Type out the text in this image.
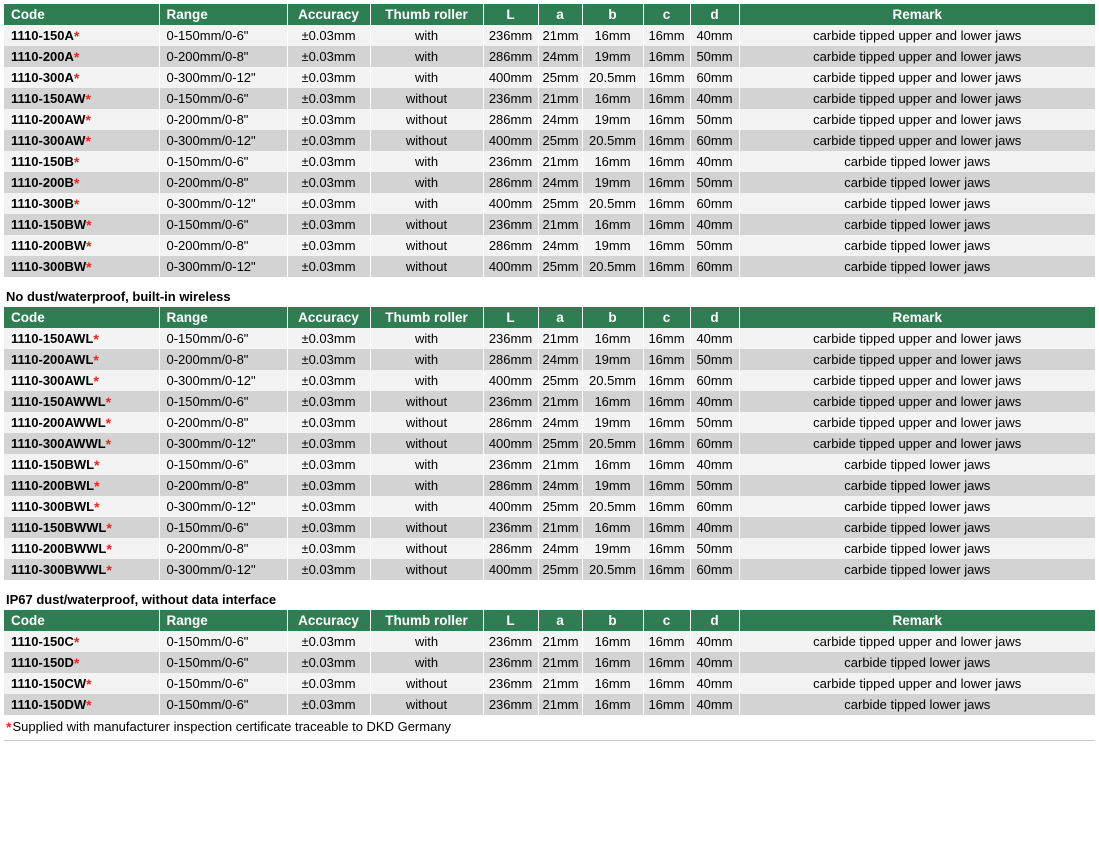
Code	Range	Accuracy	Thumb roller	L	a	b	c	d	Remark
1110-150A*	0-150mm/0-6"	±0.03mm	with	236mm	21mm	16mm	16mm	40mm	carbide tipped upper and lower jaws
1110-200A*	0-200mm/0-8"	±0.03mm	with	286mm	24mm	19mm	16mm	50mm	carbide tipped upper and lower jaws
1110-300A*	0-300mm/0-12"	±0.03mm	with	400mm	25mm	20.5mm	16mm	60mm	carbide tipped upper and lower jaws
1110-150AW*	0-150mm/0-6"	±0.03mm	without	236mm	21mm	16mm	16mm	40mm	carbide tipped upper and lower jaws
1110-200AW*	0-200mm/0-8"	±0.03mm	without	286mm	24mm	19mm	16mm	50mm	carbide tipped upper and lower jaws
1110-300AW*	0-300mm/0-12"	±0.03mm	without	400mm	25mm	20.5mm	16mm	60mm	carbide tipped upper and lower jaws
1110-150B*	0-150mm/0-6"	±0.03mm	with	236mm	21mm	16mm	16mm	40mm	carbide tipped lower jaws
1110-200B*	0-200mm/0-8"	±0.03mm	with	286mm	24mm	19mm	16mm	50mm	carbide tipped lower jaws
1110-300B*	0-300mm/0-12"	±0.03mm	with	400mm	25mm	20.5mm	16mm	60mm	carbide tipped lower jaws
1110-150BW*	0-150mm/0-6"	±0.03mm	without	236mm	21mm	16mm	16mm	40mm	carbide tipped lower jaws
1110-200BW*	0-200mm/0-8"	±0.03mm	without	286mm	24mm	19mm	16mm	50mm	carbide tipped lower jaws
1110-300BW*	0-300mm/0-12"	±0.03mm	without	400mm	25mm	20.5mm	16mm	60mm	carbide tipped lower jaws
No dust/waterproof, built-in wireless
Code	Range	Accuracy	Thumb roller	L	a	b	c	d	Remark
1110-150AWL*	0-150mm/0-6"	±0.03mm	with	236mm	21mm	16mm	16mm	40mm	carbide tipped upper and lower jaws
1110-200AWL*	0-200mm/0-8"	±0.03mm	with	286mm	24mm	19mm	16mm	50mm	carbide tipped upper and lower jaws
1110-300AWL*	0-300mm/0-12"	±0.03mm	with	400mm	25mm	20.5mm	16mm	60mm	carbide tipped upper and lower jaws
1110-150AWWL*	0-150mm/0-6"	±0.03mm	without	236mm	21mm	16mm	16mm	40mm	carbide tipped upper and lower jaws
1110-200AWWL*	0-200mm/0-8"	±0.03mm	without	286mm	24mm	19mm	16mm	50mm	carbide tipped upper and lower jaws
1110-300AWWL*	0-300mm/0-12"	±0.03mm	without	400mm	25mm	20.5mm	16mm	60mm	carbide tipped upper and lower jaws
1110-150BWL*	0-150mm/0-6"	±0.03mm	with	236mm	21mm	16mm	16mm	40mm	carbide tipped lower jaws
1110-200BWL*	0-200mm/0-8"	±0.03mm	with	286mm	24mm	19mm	16mm	50mm	carbide tipped lower jaws
1110-300BWL*	0-300mm/0-12"	±0.03mm	with	400mm	25mm	20.5mm	16mm	60mm	carbide tipped lower jaws
1110-150BWWL*	0-150mm/0-6"	±0.03mm	without	236mm	21mm	16mm	16mm	40mm	carbide tipped lower jaws
1110-200BWWL*	0-200mm/0-8"	±0.03mm	without	286mm	24mm	19mm	16mm	50mm	carbide tipped lower jaws
1110-300BWWL*	0-300mm/0-12"	±0.03mm	without	400mm	25mm	20.5mm	16mm	60mm	carbide tipped lower jaws
IP67 dust/waterproof, without data interface
Code	Range	Accuracy	Thumb roller	L	a	b	c	d	Remark
1110-150C*	0-150mm/0-6"	±0.03mm	with	236mm	21mm	16mm	16mm	40mm	carbide tipped upper and lower jaws
1110-150D*	0-150mm/0-6"	±0.03mm	with	236mm	21mm	16mm	16mm	40mm	carbide tipped lower jaws
1110-150CW*	0-150mm/0-6"	±0.03mm	without	236mm	21mm	16mm	16mm	40mm	carbide tipped upper and lower jaws
1110-150DW*	0-150mm/0-6"	±0.03mm	without	236mm	21mm	16mm	16mm	40mm	carbide tipped lower jaws
*Supplied with manufacturer inspection certificate traceable to DKD Germany
